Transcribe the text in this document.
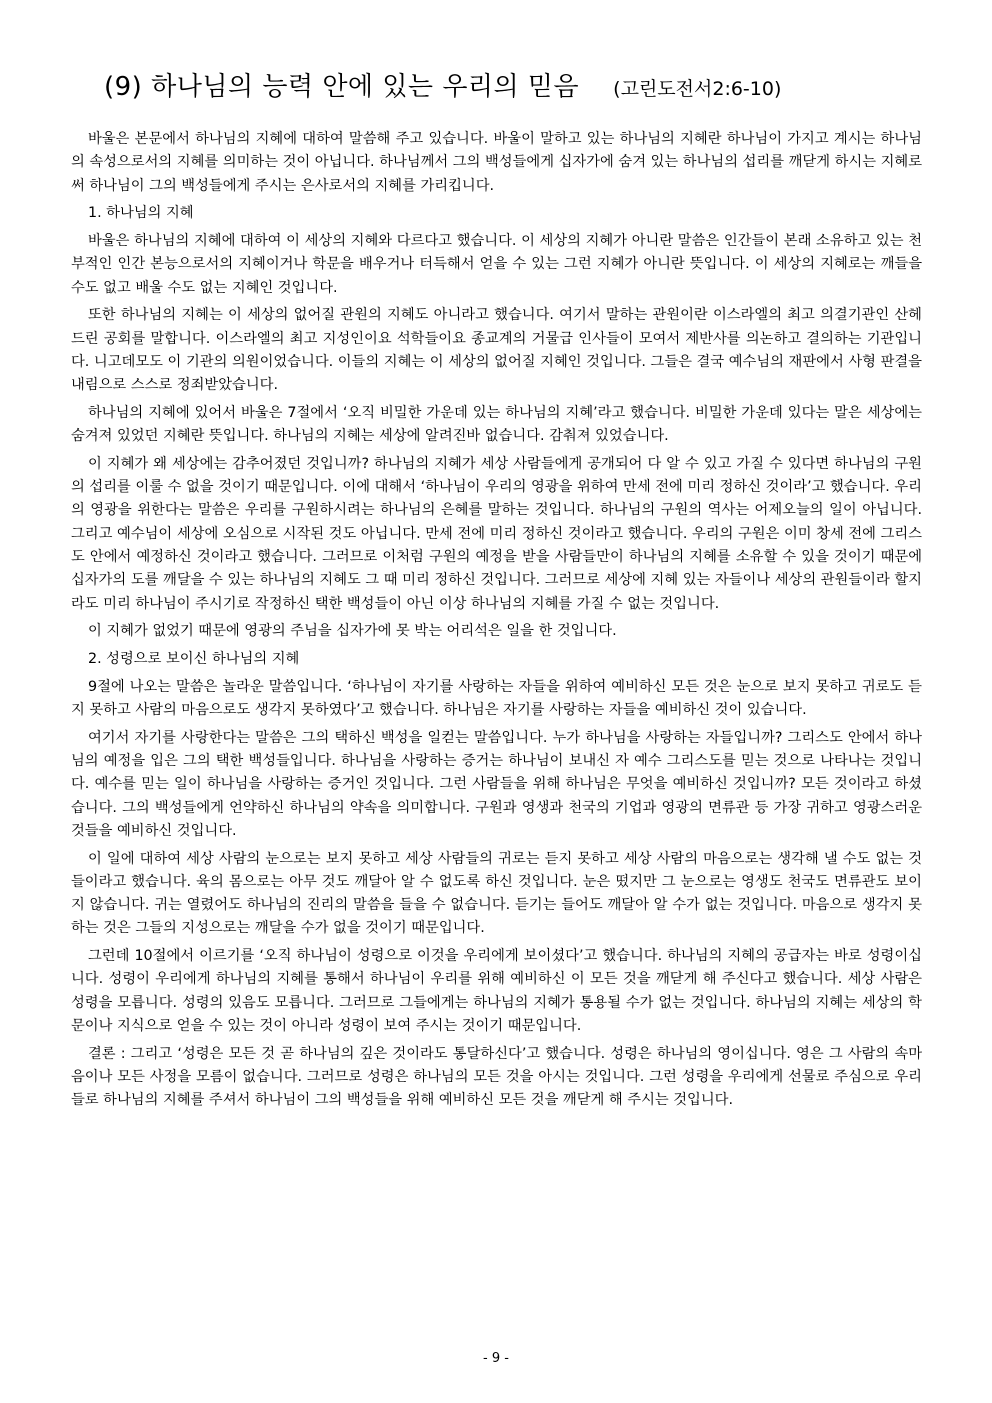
(9) 하나님의 능력 안에 있는 우리의 믿음 (고린도전서2:6-10)

바울은 본문에서 하나님의 지혜에 대하여 말씀해 주고 있습니다. 바울이 말하고 있는 하나님의 지혜란 하나님이 가지고 계시는 하나님의 속성으로서의 지혜를 의미하는 것이 아닙니다. 하나님께서 그의 백성들에게 십자가에 숨겨 있는 하나님의 섭리를 깨닫게 하시는 지혜로써 하나님이 그의 백성들에게 주시는 은사로서의 지혜를 가리킵니다.

1. 하나님의 지혜

바울은 하나님의 지혜에 대하여 이 세상의 지혜와 다르다고 했습니다. 이 세상의 지혜가 아니란 말씀은 인간들이 본래 소유하고 있는 천부적인 인간 본능으로서의 지혜이거나 학문을 배우거나 터득해서 얻을 수 있는 그런 지혜가 아니란 뜻입니다. 이 세상의 지혜로는 깨들을 수도 없고 배울 수도 없는 지혜인 것입니다.

또한 하나님의 지혜는 이 세상의 없어질 관원의 지혜도 아니라고 했습니다. 여기서 말하는 관원이란 이스라엘의 최고 의결기관인 산헤드린 공회를 말합니다. 이스라엘의 최고 지성인이요 석학들이요 종교계의 거물급 인사들이 모여서 제반사를 의논하고 결의하는 기관입니다. 니고데모도 이 기관의 의원이었습니다. 이들의 지혜는 이 세상의 없어질 지혜인 것입니다. 그들은 결국 예수님의 재판에서 사형 판결을 내림으로 스스로 정죄받았습니다.

하나님의 지혜에 있어서 바울은 7절에서 ‘오직 비밀한 가운데 있는 하나님의 지혜’라고 했습니다. 비밀한 가운데 있다는 말은 세상에는 숨겨져 있었던 지혜란 뜻입니다. 하나님의 지혜는 세상에 알려진바 없습니다. 감춰져 있었습니다.

이 지혜가 왜 세상에는 감추어졌던 것입니까? 하나님의 지혜가 세상 사람들에게 공개되어 다 알 수 있고 가질 수 있다면 하나님의 구원의 섭리를 이룰 수 없을 것이기 때문입니다. 이에 대해서 ‘하나님이 우리의 영광을 위하여 만세 전에 미리 정하신 것이라’고 했습니다. 우리의 영광을 위한다는 말씀은 우리를 구원하시려는 하나님의 은혜를 말하는 것입니다. 하나님의 구원의 역사는 어제오늘의 일이 아닙니다. 그리고 예수님이 세상에 오심으로 시작된 것도 아닙니다. 만세 전에 미리 정하신 것이라고 했습니다. 우리의 구원은 이미 창세 전에 그리스도 안에서 예정하신 것이라고 했습니다. 그러므로 이처럼 구원의 예정을 받을 사람들만이 하나님의 지혜를 소유할 수 있을 것이기 때문에 십자가의 도를 깨달을 수 있는 하나님의 지혜도 그 때 미리 정하신 것입니다. 그러므로 세상에 지혜 있는 자들이나 세상의 관원들이라 할지라도 미리 하나님이 주시기로 작정하신 택한 백성들이 아닌 이상 하나님의 지혜를 가질 수 없는 것입니다.

이 지혜가 없었기 때문에 영광의 주님을 십자가에 못 박는 어리석은 일을 한 것입니다.

2. 성령으로 보이신 하나님의 지혜

9절에 나오는 말씀은 놀라운 말씀입니다. ‘하나님이 자기를 사랑하는 자들을 위하여 예비하신 모든 것은 눈으로 보지 못하고 귀로도 듣지 못하고 사람의 마음으로도 생각지 못하였다’고 했습니다. 하나님은 자기를 사랑하는 자들을 예비하신 것이 있습니다.

여기서 자기를 사랑한다는 말씀은 그의 택하신 백성을 일컫는 말씀입니다. 누가 하나님을 사랑하는 자들입니까? 그리스도 안에서 하나님의 예정을 입은 그의 택한 백성들입니다. 하나님을 사랑하는 증거는 하나님이 보내신 자 예수 그리스도를 믿는 것으로 나타나는 것입니다. 예수를 믿는 일이 하나님을 사랑하는 증거인 것입니다. 그런 사람들을 위해 하나님은 무엇을 예비하신 것입니까? 모든 것이라고 하셨습니다. 그의 백성들에게 언약하신 하나님의 약속을 의미합니다. 구원과 영생과 천국의 기업과 영광의 면류관 등 가장 귀하고 영광스러운 것들을 예비하신 것입니다.

이 일에 대하여 세상 사람의 눈으로는 보지 못하고 세상 사람들의 귀로는 듣지 못하고 세상 사람의 마음으로는 생각해 낼 수도 없는 것들이라고 했습니다. 육의 몸으로는 아무 것도 깨달아 알 수 없도록 하신 것입니다. 눈은 떴지만 그 눈으로는 영생도 천국도 면류관도 보이지 않습니다. 귀는 열렸어도 하나님의 진리의 말씀을 들을 수 없습니다. 듣기는 들어도 깨달아 알 수가 없는 것입니다. 마음으로 생각지 못하는 것은 그들의 지성으로는 깨달을 수가 없을 것이기 때문입니다.

그런데 10절에서 이르기를 ‘오직 하나님이 성령으로 이것을 우리에게 보이셨다’고 했습니다. 하나님의 지혜의 공급자는 바로 성령이십니다. 성령이 우리에게 하나님의 지혜를 통해서 하나님이 우리를 위해 예비하신 이 모든 것을 깨닫게 해 주신다고 했습니다. 세상 사람은 성령을 모릅니다. 성령의 있음도 모릅니다. 그러므로 그들에게는 하나님의 지혜가 통용될 수가 없는 것입니다. 하나님의 지혜는 세상의 학문이나 지식으로 얻을 수 있는 것이 아니라 성령이 보여 주시는 것이기 때문입니다.

결론 : 그리고 ‘성령은 모든 것 곧 하나님의 깊은 것이라도 통달하신다’고 했습니다. 성령은 하나님의 영이십니다. 영은 그 사람의 속마음이나 모든 사정을 모름이 없습니다. 그러므로 성령은 하나님의 모든 것을 아시는 것입니다. 그런 성령을 우리에게 선물로 주심으로 우리들로 하나님의 지혜를 주셔서 하나님이 그의 백성들을 위해 예비하신 모든 것을 깨닫게 해 주시는 것입니다.

- 9 -
